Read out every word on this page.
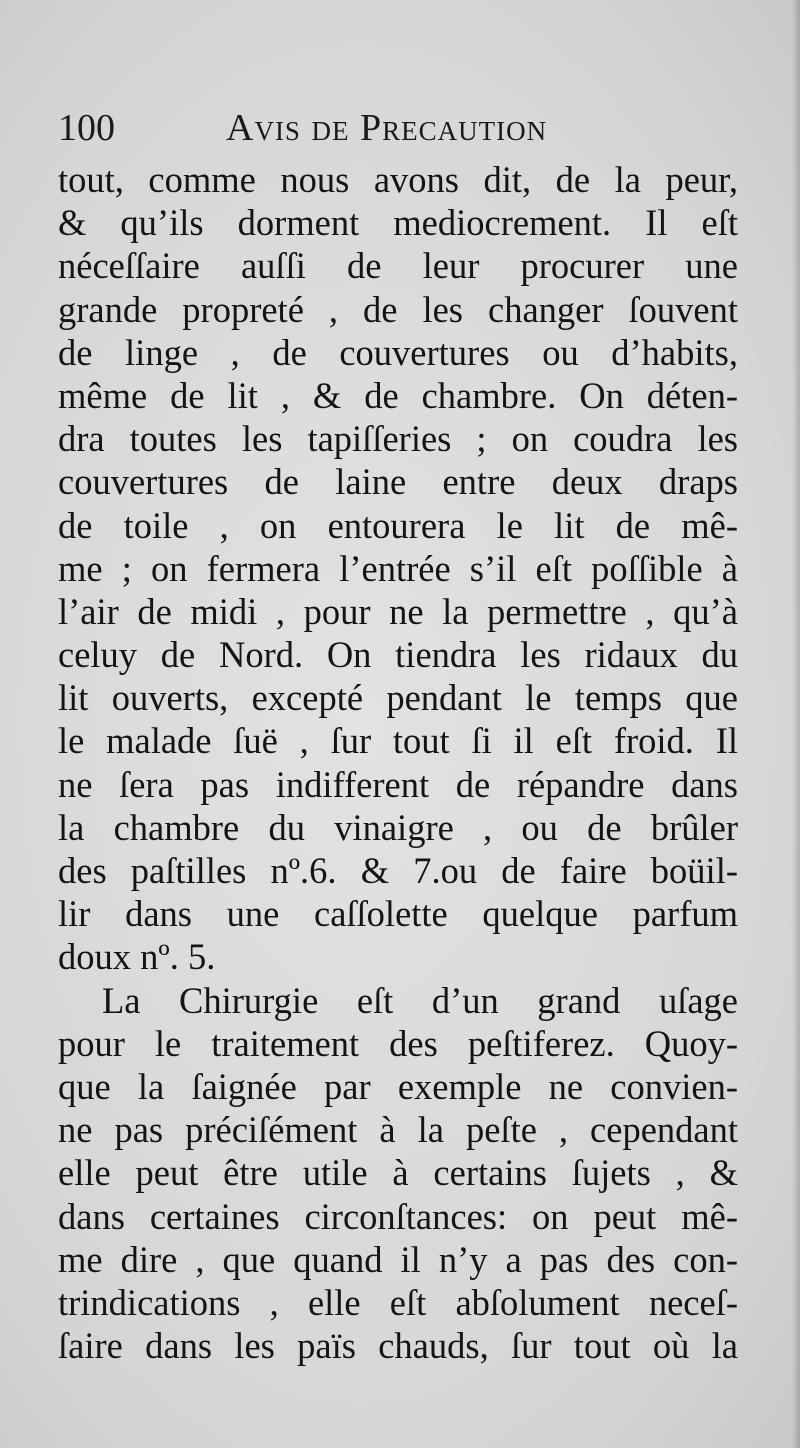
100	Avis de Precaution
tout, comme nous avons dit, de la peur,
& qu’ils dorment mediocrement. Il eſt
néceſſaire auſſi de leur procurer une
grande propreté , de les changer ſouvent
de linge , de couvertures ou d’habits,
même de lit , & de chambre. On déten-
dra toutes les tapiſſeries ; on coudra les
couvertures de laine entre deux draps
de toile , on entourera le lit de mê-
me ; on fermera l’entrée s’il eſt poſſible à
l’air de midi , pour ne la permettre , qu’à
celuy de Nord. On tiendra les ridaux du
lit ouverts, excepté pendant le temps que
le malade ſuë , ſur tout ſi il eſt froid. Il
ne ſera pas indifferent de répandre dans
la chambre du vinaigre , ou de brûler
des paſtilles nº.6. & 7.ou de faire boüil-
lir dans une caſſolette quelque parfum
doux nº. 5.
La Chirurgie eſt d’un grand uſage
pour le traitement des peſtiferez. Quoy-
que la ſaignée par exemple ne convien-
ne pas préciſément à la peſte , cependant
elle peut être utile à certains ſujets , &
dans certaines circonſtances: on peut mê-
me dire , que quand il n’y a pas des con-
trindications , elle eſt abſolument neceſ-
ſaire dans les païs chauds, ſur tout où la
